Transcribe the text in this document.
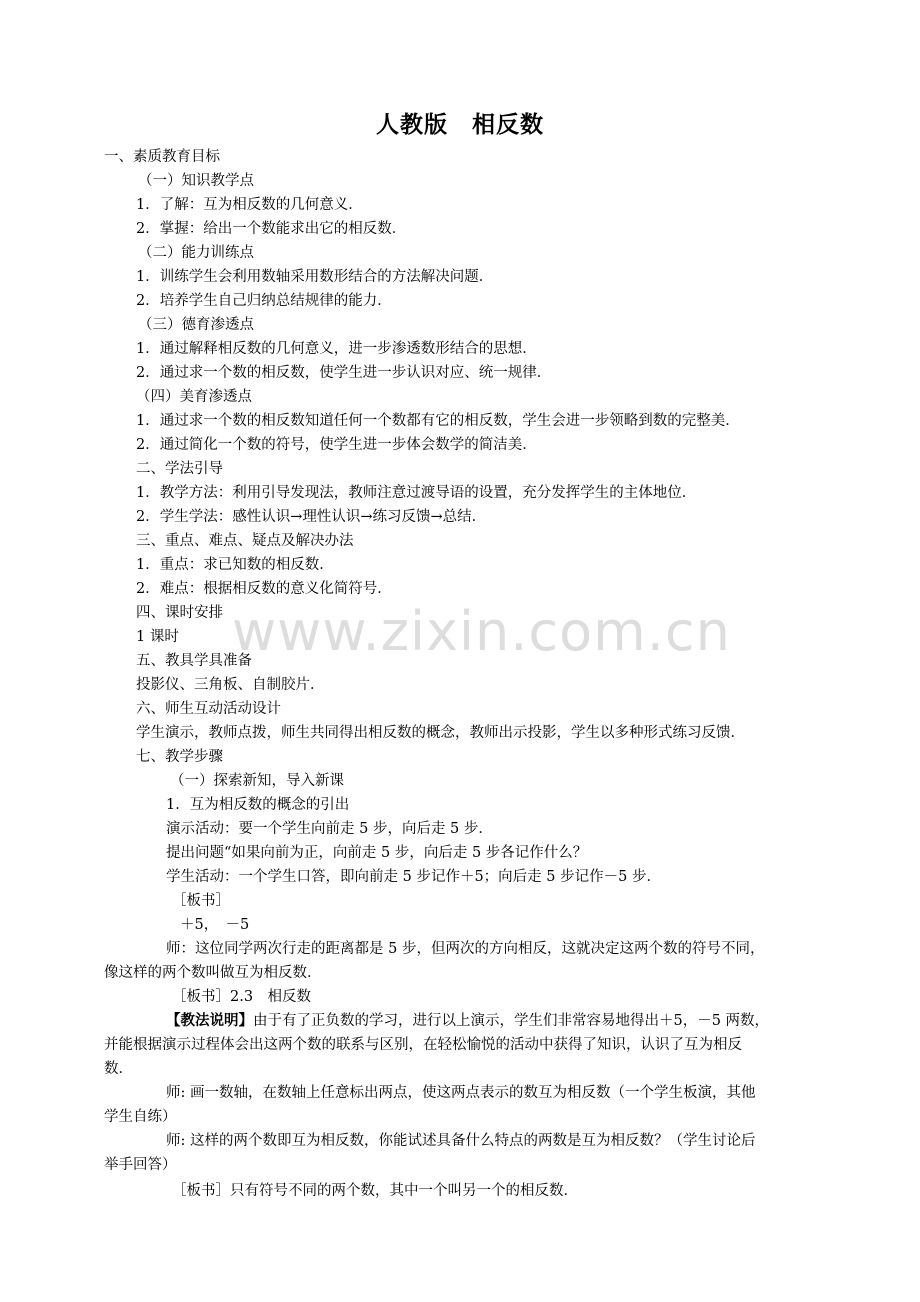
人教版　相反数
一、素质教育目标
（一）知识教学点
1．了解：互为相反数的几何意义．
2．掌握：给出一个数能求出它的相反数．
（二）能力训练点
1．训练学生会利用数轴采用数形结合的方法解决问题．
2．培养学生自己归纳总结规律的能力．
（三）德育渗透点
1．通过解释相反数的几何意义，进一步渗透数形结合的思想．
2．通过求一个数的相反数，使学生进一步认识对应、统一规律．
（四）美育渗透点
1．通过求一个数的相反数知道任何一个数都有它的相反数，学生会进一步领略到数的完整美．
2．通过简化一个数的符号，使学生进一步体会数学的简洁美．
二、学法引导
1．教学方法：利用引导发现法，教师注意过渡导语的设置，充分发挥学生的主体地位．
2．学生学法：感性认识→理性认识→练习反馈→总结．
三、重点、难点、疑点及解决办法
1．重点：求已知数的相反数．
2．难点：根据相反数的意义化简符号．
四、课时安排
1 课时
五、教具学具准备
投影仪、三角板、自制胶片．
六、师生互动活动设计
学生演示，教师点拨，师生共同得出相反数的概念，教师出示投影，学生以多种形式练习反馈．
七、教学步骤
（一）探索新知，导入新课
1．互为相反数的概念的引出
演示活动：要一个学生向前走 5 步，向后走 5 步．
提出问题“如果向前为正，向前走 5 步，向后走 5 步各记作什么？
学生活动：一个学生口答，即向前走 5 步记作＋5；向后走 5 步记作－5 步．
［板书］
＋5，　－5
师：这位同学两次行走的距离都是 5 步，但两次的方向相反，这就决定这两个数的符号不同，
像这样的两个数叫做互为相反数．
［板书］2.3　相反数
【教法说明】由于有了正负数的学习，进行以上演示，学生们非常容易地得出＋5，－5 两数，
并能根据演示过程体会出这两个数的联系与区别，在轻松愉悦的活动中获得了知识，认识了互为相反
数．
师: 画一数轴，在数轴上任意标出两点，使这两点表示的数互为相反数（一个学生板演，其他
学生自练）
师: 这样的两个数即互为相反数，你能试述具备什么特点的两数是互为相反数？（学生讨论后
举手回答）
［板书］只有符号不同的两个数，其中一个叫另一个的相反数．
www.zixin.com.cn
